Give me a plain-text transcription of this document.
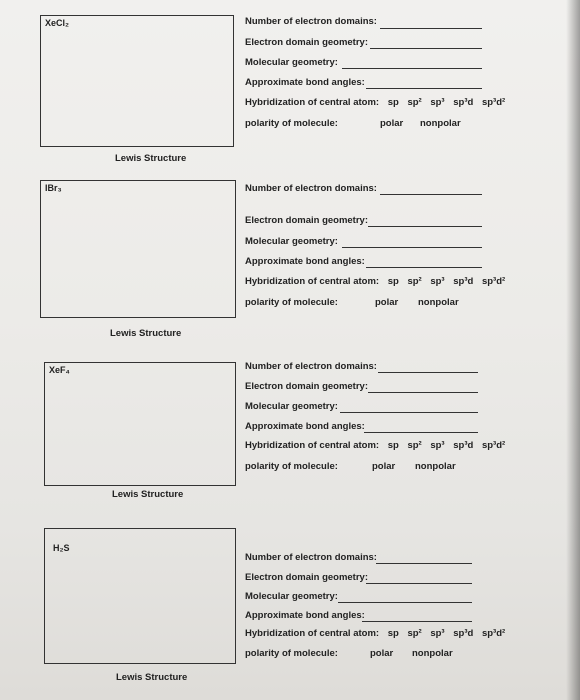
XeCl₂
Lewis Structure
Number of electron domains:
Electron domain geometry:
Molecular geometry:
Approximate bond angles:
Hybridization of central atom: sp sp² sp³ sp³d sp³d²
polarity of molecule:	polar nonpolar
IBr₃
Lewis Structure
Number of electron domains:
Electron domain geometry:
Molecular geometry:
Approximate bond angles:
Hybridization of central atom: sp sp² sp³ sp³d sp³d²
polarity of molecule:	polar nonpolar
XeF₄
Lewis Structure
Number of electron domains:
Electron domain geometry:
Molecular geometry:
Approximate bond angles:
Hybridization of central atom: sp sp² sp³ sp³d sp³d²
polarity of molecule:	polar nonpolar
H₂S
Lewis Structure
Number of electron domains:
Electron domain geometry:
Molecular geometry:
Approximate bond angles:
Hybridization of central atom: sp sp² sp³ sp³d sp³d²
polarity of molecule:	polar nonpolar
